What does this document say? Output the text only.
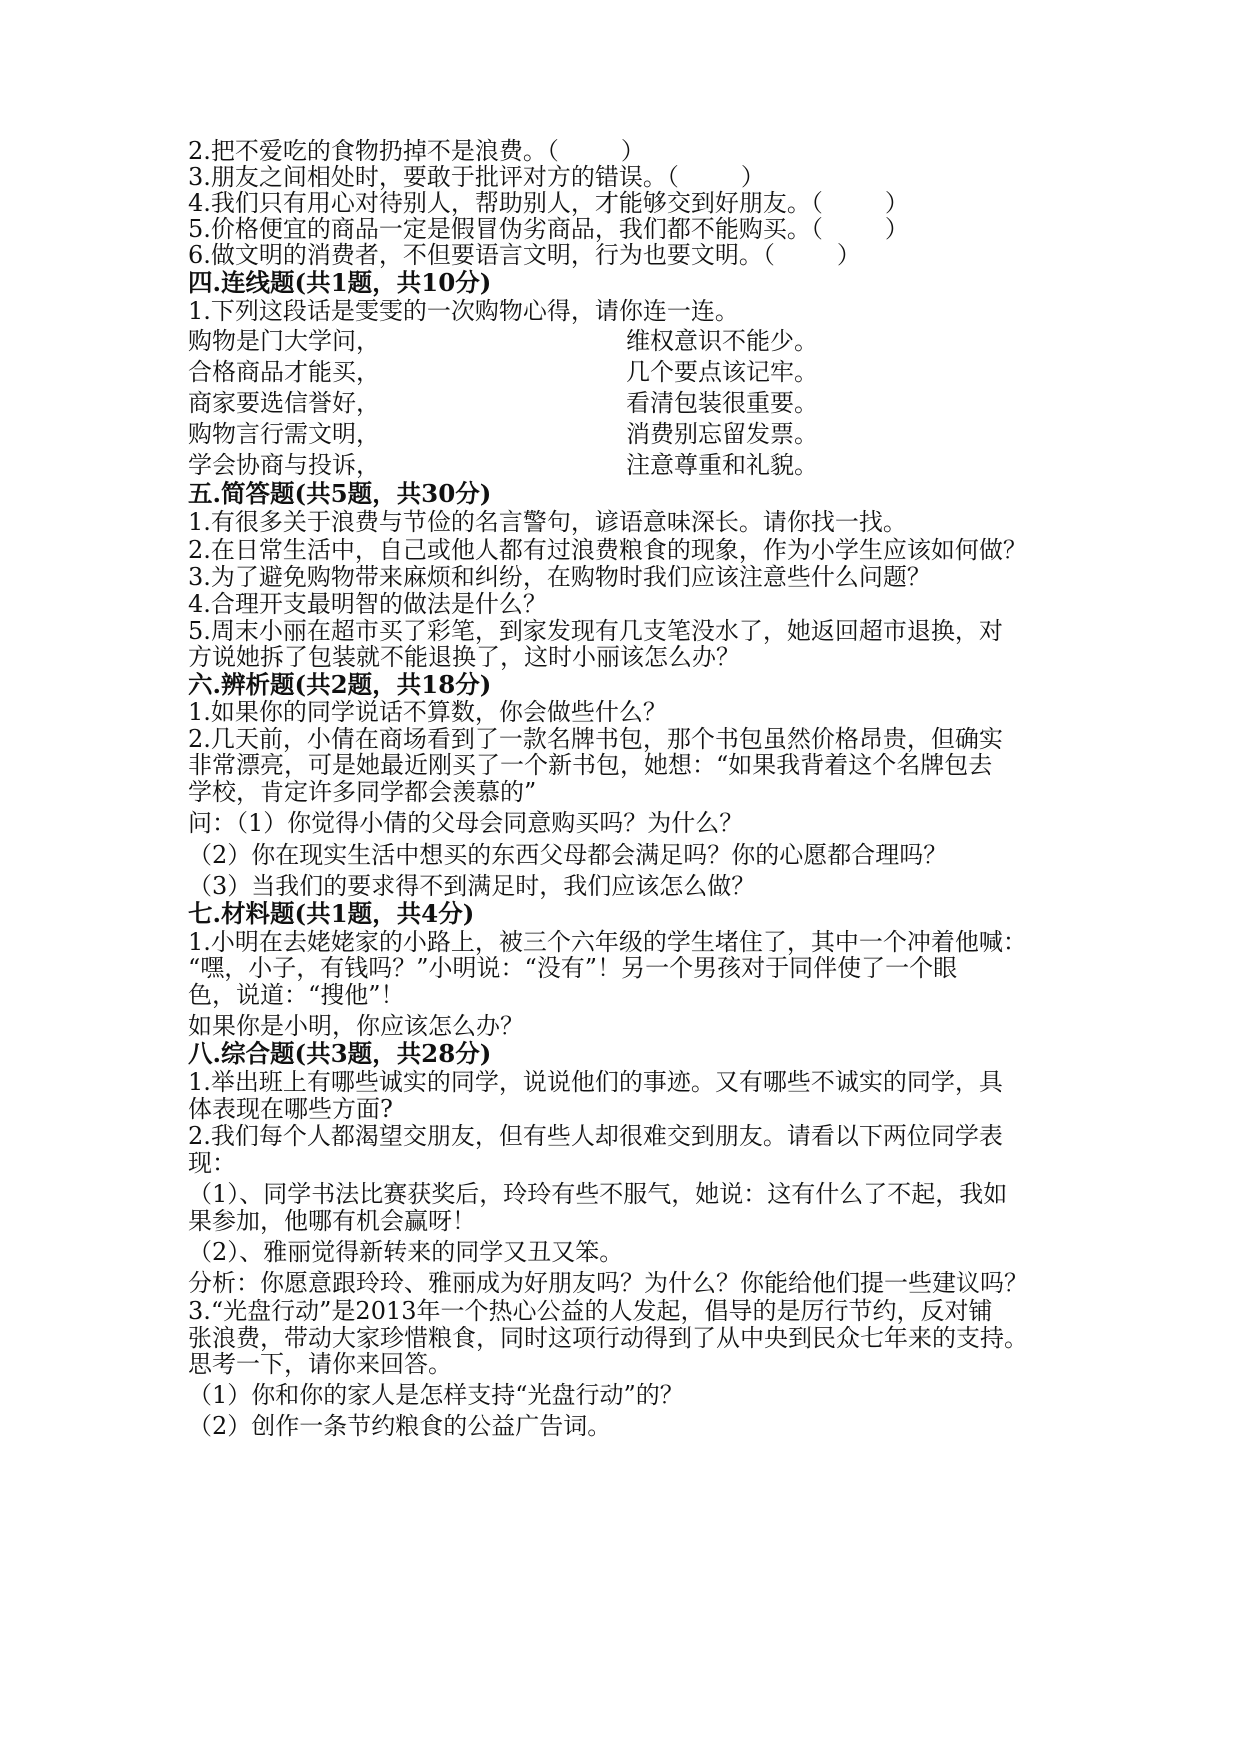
2.把不爱吃的食物扔掉不是浪费。（	）
3.朋友之间相处时，要敢于批评对方的错误。（	）
4.我们只有用心对待别人，帮助别人，才能够交到好朋友。（	）
5.价格便宜的商品一定是假冒伪劣商品，我们都不能购买。（	）
6.做文明的消费者，不但要语言文明，行为也要文明。（	）
四.连线题(共1题，共10分)
1.下列这段话是雯雯的一次购物心得，请你连一连。
购物是门大学问，	维权意识不能少。
合格商品才能买，	几个要点该记牢。
商家要选信誉好，	看清包装很重要。
购物言行需文明，	消费别忘留发票。
学会协商与投诉，	注意尊重和礼貌。
五.简答题(共5题，共30分)
1.有很多关于浪费与节俭的名言警句，谚语意味深长。请你找一找。
2.在日常生活中，自己或他人都有过浪费粮食的现象，作为小学生应该如何做？
3.为了避免购物带来麻烦和纠纷，在购物时我们应该注意些什么问题？
4.合理开支最明智的做法是什么？
5.周末小丽在超市买了彩笔，到家发现有几支笔没水了，她返回超市退换，对
方说她拆了包装就不能退换了，这时小丽该怎么办？
六.辨析题(共2题，共18分)
1.如果你的同学说话不算数，你会做些什么？
2.几天前，小倩在商场看到了一款名牌书包，那个书包虽然价格昂贵，但确实
非常漂亮，可是她最近刚买了一个新书包，她想：“如果我背着这个名牌包去
学校，肯定许多同学都会羡慕的”
问：（1）你觉得小倩的父母会同意购买吗？为什么？
（2）你在现实生活中想买的东西父母都会满足吗？你的心愿都合理吗？
（3）当我们的要求得不到满足时，我们应该怎么做？
七.材料题(共1题，共4分)
1.小明在去姥姥家的小路上，被三个六年级的学生堵住了，其中一个冲着他喊：
“嘿，小子，有钱吗？”小明说：“没有”！另一个男孩对于同伴使了一个眼
色，说道：“搜他”！
如果你是小明，你应该怎么办？
八.综合题(共3题，共28分)
1.举出班上有哪些诚实的同学，说说他们的事迹。又有哪些不诚实的同学，具
体表现在哪些方面?
2.我们每个人都渴望交朋友，但有些人却很难交到朋友。请看以下两位同学表
现：
（1）、同学书法比赛获奖后，玲玲有些不服气，她说：这有什么了不起，我如
果参加，他哪有机会赢呀！
（2）、雅丽觉得新转来的同学又丑又笨。
分析：你愿意跟玲玲、雅丽成为好朋友吗？为什么？你能给他们提一些建议吗？
3.“光盘行动”是2013年一个热心公益的人发起，倡导的是厉行节约，反对铺
张浪费，带动大家珍惜粮食，同时这项行动得到了从中央到民众七年来的支持。
思考一下，请你来回答。
（1）你和你的家人是怎样支持“光盘行动”的？
（2）创作一条节约粮食的公益广告词。
